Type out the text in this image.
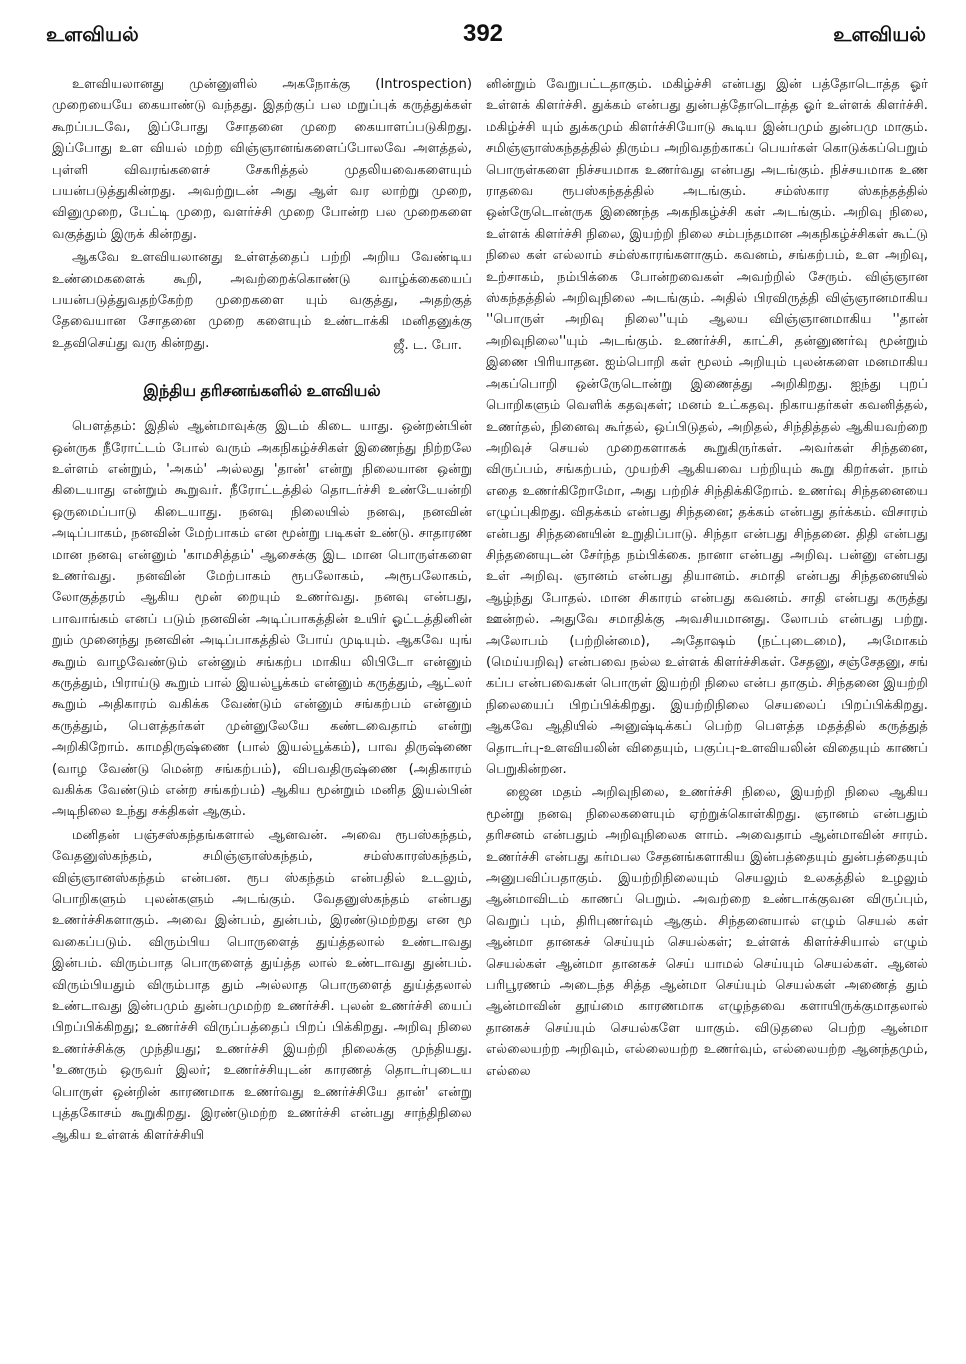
உளவியல்	392	உளவியல்

உளவியலானது முன்னுளில் அகநோக்கு (Introspection) முறையையே கையாண்டு வந்தது. இதற்குப் பல மறுப்புக் கருத்துக்கள் கூறப்படவே, இப்போது சோதனை முறை கையாளப்படுகிறது. இப்போது உள வியல் மற்ற விஞ்ஞானங்களைப்போலவே அளத்தல், புள்ளி விவரங்களைச் சேகரித்தல் முதலியவைகளையும் பயன்படுத்துகின்றது. அவற்றுடன் அது ஆள் வர லாற்று முறை, வினுமுறை, பேட்டி முறை, வளர்ச்சி முறை போன்ற பல முறைகளை வகுத்தும் இருக் கின்றது.

ஆகவே உளவியலானது உள்ளத்தைப் பற்றி அறிய வேண்டிய உண்மைகளைக் கூறி, அவற்றைக்கொண்டு வாழ்க்கையைப் பயன்படுத்துவதற்கேற்ற முறைகளை யும் வகுத்து, அதற்குத் தேவையான சோதனை முறை களையும் உண்டாக்கி மனிதனுக்கு உதவிசெய்து வரு கின்றது.	ஜீ. ட. போ.
இந்திய தரிசனங்களில் உளவியல்

பௌத்தம்: இதில் ஆன்மாவுக்கு இடம் கிடை யாது. ஒன்றன்பின் ஒன்ருக நீரோட்டம் போல் வரும் அகநிகழ்ச்சிகள் இணைந்து நிற்றலே உள்ளம் என்றும், 'அகம்' அல்லது 'தான்' என்று நிலையான ஒன்று கிடையாது என்றும் கூறுவர். நீரோட்டத்தில் தொடர்ச்சி உண்டேயன்றி ஒருமைப்பாடு கிடையாது. நனவு நிலையில் நனவு, நனவின் அடிப்பாகம், நனவின் மேற்பாகம் என மூன்று படிகள் உண்டு. சாதாரண மான நனவு என்னும் 'காமசித்தம்' ஆசைக்கு இட மான பொருள்களை உணர்வது. நனவின் மேற்பாகம் ரூபலோகம், அரூபலோகம், லோகுத்தரம் ஆகிய மூன் றையும் உணர்வது. நனவு என்பது, பாவாங்கம் எனப் படும் நனவின் அடிப்பாகத்தின் உயிர் ஓட்டத்தினின் றும் முனைந்து நனவின் அடிப்பாகத்தில் போய் முடியும். ஆகவே யுங் கூறும் வாழவேண்டும் என்னும் சங்கற்ப மாகிய லிபிடோ என்னும் கருத்தும், பிராய்டு கூறும் பால் இயல்பூக்கம் என்னும் கருத்தும், ஆட்லர் கூறும் அதிகாரம் வகிக்க வேண்டும் என்னும் சங்கற்பம் என்னும் கருத்தும், பௌத்தர்கள் முன்னுலேயே கண்டவைதாம் என்று அறிகிறோம். காமதிருஷ்ணை (பால் இயல்பூக்கம்), பாவ திருஷ்ணை (வாழ வேண்டு மென்ற சங்கற்பம்), விபவதிருஷ்ணை (அதிகாரம் வகிக்க வேண்டும் என்ற சங்கற்பம்) ஆகிய மூன்றும் மனித இயல்பின் அடிநிலை உந்து சக்திகள் ஆகும்.

மனிதன் பஞ்சஸ்கந்தங்களால் ஆனவன். அவை ரூபஸ்கந்தம், வேதனுஸ்கந்தம், சமிஞ்ஞாஸ்கந்தம், சம்ஸ்காரஸ்கந்தம், விஞ்ஞானஸ்கந்தம் என்பன. ரூப ஸ்கந்தம் என்பதில் உடலும், பொறிகளும் புலன்களும் அடங்கும். வேதனுஸ்கந்தம் என்பது உணர்ச்சிகளாகும். அவை இன்பம், துன்பம், இரண்டுமற்றது என மூ வகைப்படும். விரும்பிய பொருளைத் துய்த்தலால் உண்டாவது இன்பம். விரும்பாத பொருளைத் துய்த்த லால் உண்டாவது துன்பம். விரும்பியதும் விரும்பாத தும் அல்லாத பொருளைத் துய்த்தலால் உண்டாவது இன்பமும் துன்பமுமற்ற உணர்ச்சி. புலன் உணர்ச்சி யைப் பிறப்பிக்கிறது; உணர்ச்சி விருப்பத்தைப் பிறப் பிக்கிறது. அறிவு நிலை உணர்ச்சிக்கு முந்தியது; உணர்ச்சி இயற்றி நிலைக்கு முந்தியது. 'உணரும் ஒருவர் இலர்; உணர்ச்சியுடன் காரணத் தொடர்புடைய பொருள் ஒன்றின் காரணமாக உணர்வது உணர்ச்சியே தான்' என்று புத்தகோசம் கூறுகிறது. இரண்டுமற்ற உணர்ச்சி என்பது சாந்திநிலை ஆகிய உள்ளக் கிளர்ச்சியி

னின்றும் வேறுபட்டதாகும். மகிழ்ச்சி என்பது இன் பத்தோடொத்த ஓர் உள்ளக் கிளர்ச்சி. துக்கம் என்பது துன்பத்தோடொத்த ஓர் உள்ளக் கிளர்ச்சி. மகிழ்ச்சி யும் துக்கமும் கிளர்ச்சியோடு கூடிய இன்பமும் துன்பமு மாகும். சமிஞ்ஞாஸ்கந்தத்தில் திரும்ப அறிவதற்காகப் பெயர்கள் கொடுக்கப்பெறும் பொருள்களை நிச்சயமாக உணர்வது என்பது அடங்கும். நிச்சயமாக உண ராதவை ரூபஸ்கந்தத்தில் அடங்கும். சம்ஸ்கார ஸ்கந்தத்தில் ஒன்ருேடொன்ருக இணைந்த அகநிகழ்ச்சி கள் அடங்கும். அறிவு நிலை, உள்ளக் கிளர்ச்சி நிலை, இயற்றி நிலை சம்பந்தமான அகநிகழ்ச்சிகள் கூட்டு நிலை கள் எல்லாம் சம்ஸ்காரங்களாகும். கவனம், சங்கற்பம், உள அறிவு, உற்சாகம், நம்பிக்கை போன்றவைகள் அவற்றில் சேரும். விஞ்ஞான ஸ்கந்தத்தில் அறிவுநிலை அடங்கும். அதில் பிரவிருத்தி விஞ்ஞானமாகிய ''பொருள் அறிவு நிலை''யும் ஆலய விஞ்ஞானமாகிய ''தான் அறிவுநிலை''யும் அடங்கும். உணர்ச்சி, காட்சி, தன்னுணர்வு மூன்றும் இணை பிரியாதன. ஐம்பொறி கள் மூலம் அறியும் புலன்களை மனமாகிய அகப்பொறி ஒன்ருேடொன்று இணைத்து அறிகிறது. ஐந்து புறப் பொறிகளும் வெளிக் கதவுகள்; மனம் உட்கதவு. நிகாயதர்கள் கவனித்தல், உணர்தல், நினைவு கூர்தல், ஒப்பிடுதல், அறிதல், சிந்தித்தல் ஆகியவற்றை அறிவுச் செயல் முறைகளாகக் கூறுகிருர்கள். அவர்கள் சிந்தனை, விருப்பம், சங்கற்பம், முயற்சி ஆகியவை பற்றியும் கூறு கிறர்கள். நாம் எதை உணர்கிறோமோ, அது பற்றிச் சிந்திக்கிறோம். உணர்வு சிந்தனையை எழுப்புகிறது. விதக்கம் என்பது சிந்தனை; தக்கம் என்பது தர்க்கம். விசாரம் என்பது சிந்தனையின் உறுதிப்பாடு. சிந்தா என்பது சிந்தனை. திதி என்பது சிந்தனையுடன் சேர்ந்த நம்பிக்கை. நானா என்பது அறிவு. பன்னு என்பது உள் அறிவு. ஞானம் என்பது தியானம். சமாதி என்பது சிந்தனையில் ஆழ்ந்து போதல். மான சிகாரம் என்பது கவனம். சாதி என்பது கருத்து ஊன்றல். அதுவே சமாதிக்கு அவசியமானது. லோபம் என்பது பற்று. அலோபம் (பற்றின்மை), அதோஷம் (நட்புடைமை), அமோகம் (மெய்யறிவு) என்பவை நல்ல உள்ளக் கிளர்ச்சிகள். சேதனு, சஞ்சேதனு, சங் கப்ப என்பவைகள் பொருள் இயற்றி நிலை என்ப தாகும். சிந்தனை இயற்றி நிலையைப் பிறப்பிக்கிறது. இயற்றிநிலை செயலைப் பிறப்பிக்கிறது. ஆகவே ஆதியில் அனுஷ்டிக்கப் பெற்ற பௌத்த மதத்தில் கருத்துத் தொடர்பு-உளவியலின் விதையும், பகுப்பு-உளவியலின் விதையும் காணப் பெறுகின்றன.

ஜைன மதம் அறிவுநிலை, உணர்ச்சி நிலை, இயற்றி நிலை ஆகிய மூன்று நனவு நிலைகளையும் ஏற்றுக்கொள்கிறது. ஞானம் என்பதும் தரிசனம் என்பதும் அறிவுநிலைக ளாம். அவைதாம் ஆன்மாவின் சாரம். உணர்ச்சி என்பது கர்மபல சேதனங்களாகிய இன்பத்தையும் துன்பத்தையும் அனுபவிப்பதாகும். இயற்றிநிலையும் செயலும் உலகத்தில் உழலும் ஆன்மாவிடம் காணப் பெறும். அவற்றை உண்டாக்குவன விருப்பும், வெறுப் பும், திரிபுணர்வும் ஆகும். சிந்தனையால் எழும் செயல் கள் ஆன்மா தானகச் செய்யும் செயல்கள்; உள்ளக் கிளர்ச்சியால் எழும் செயல்கள் ஆன்மா தானகச் செய் யாமல் செய்யும் செயல்கள். ஆனல் பரிபூரணம் அடைந்த சித்த ஆன்மா செய்யும் செயல்கள் அணைத் தும் ஆன்மாவின் தூய்மை காரணமாக எழுந்தவை களாயிருக்குமாதலால் தானகச் செய்யும் செயல்களே யாகும். விடுதலை பெற்ற ஆன்மா எல்லையற்ற அறிவும், எல்லையற்ற உணர்வும், எல்லையற்ற ஆனந்தமும், எல்லை
